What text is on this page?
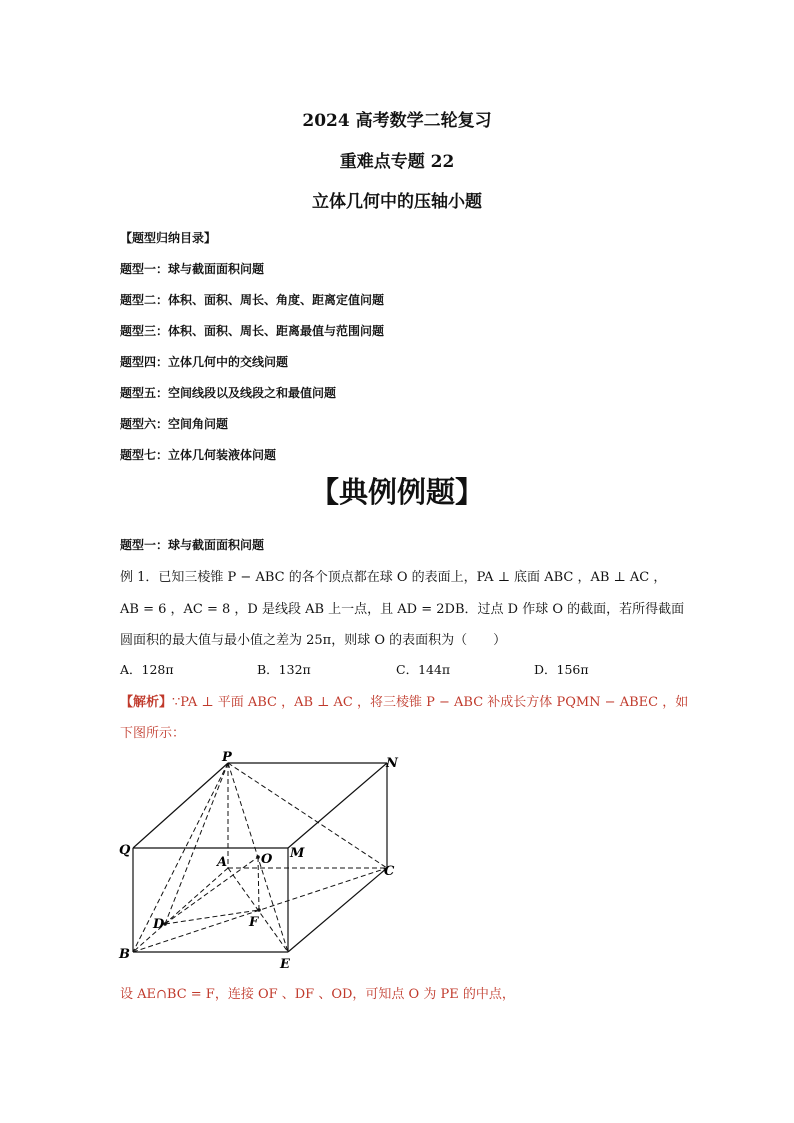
2024 高考数学二轮复习
重难点专题 22
立体几何中的压轴小题
【题型归纳目录】
题型一：球与截面面积问题
题型二：体积、面积、周长、角度、距离定值问题
题型三：体积、面积、周长、距离最值与范围问题
题型四：立体几何中的交线问题
题型五：空间线段以及线段之和最值问题
题型六：空间角问题
题型七：立体几何装液体问题
【典例例题】
题型一：球与截面面积问题
例 1．已知三棱锥 P − ABC 的各个顶点都在球 O 的表面上，PA ⊥ 底面 ABC ，AB ⊥ AC ，
AB = 6 ，AC = 8 ，D 是线段 AB 上一点，且 AD = 2DB．过点 D 作球 O 的截面，若所得截面
圆面积的最大值与最小值之差为 25π，则球 O 的表面积为（　　）
A．128π	B．132π	C．144π	D．156π
【解析】∵PA ⊥ 平面 ABC ，AB ⊥ AC ，将三棱锥 P − ABC 补成长方体 PQMN − ABEC ，如
下图所示：
P	N
Q	M
A	O
C
D	F
B
E
设 AE∩BC = F，连接 OF 、DF 、OD，可知点 O 为 PE 的中点，
